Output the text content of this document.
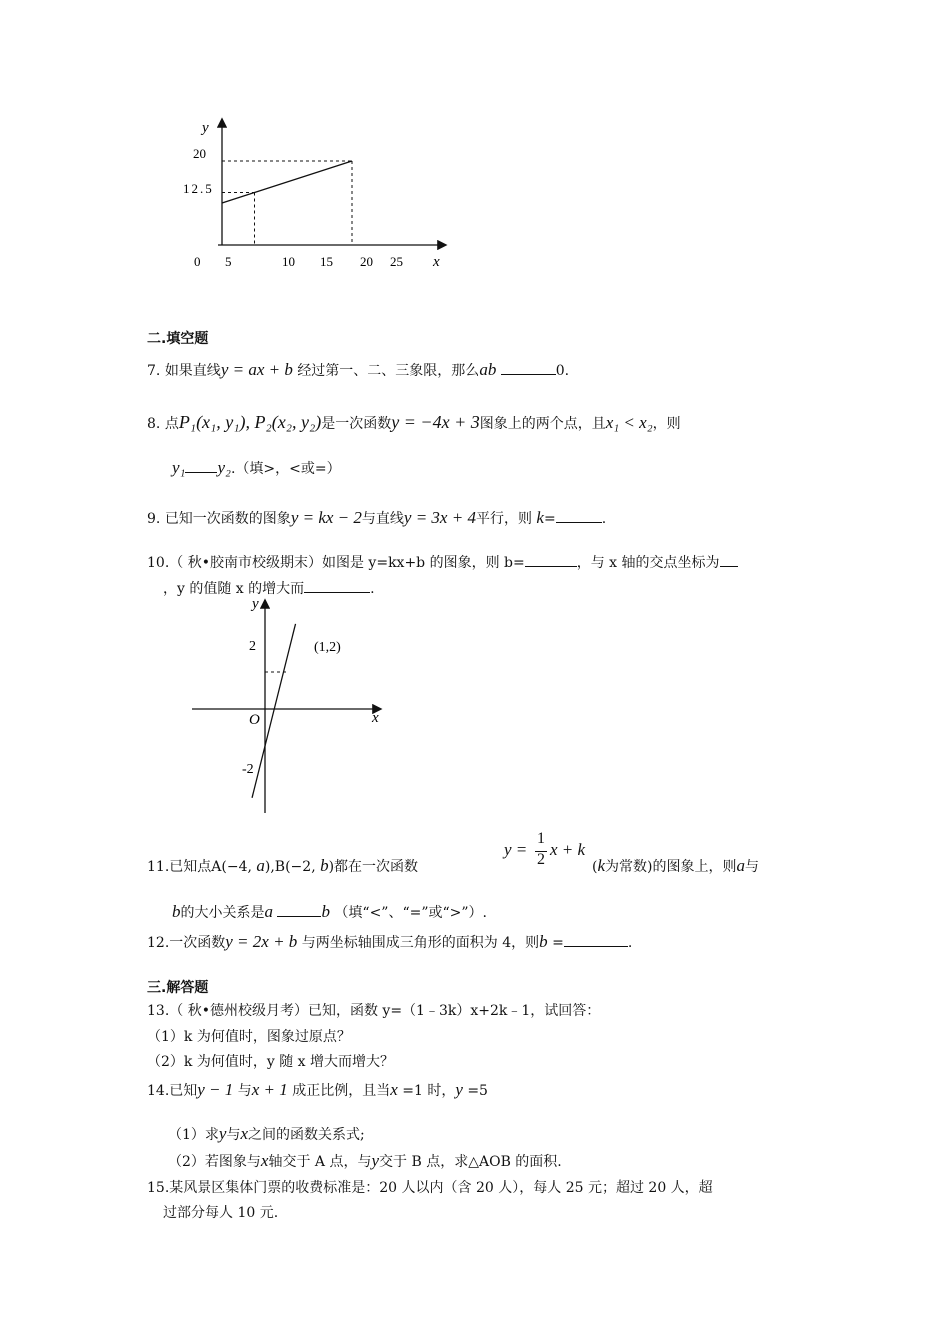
y
20
12.5
0 5	10 15 20 25 x
二.填空题
7. 如果直线y = ax + b 经过第一、二、三象限，那么ab	0.
8. 点P₁(x₁, y₁), P₂(x₂, y₂)是一次函数y = −4x + 3图象上的两个点，且x₁ < x₂，则
y₁ y₂.（填>，<或=）
9. 已知一次函数的图象y = kx − 2与直线y = 3x + 4平行，则 k=	.
10.（ 秋•胶南市校级期末）如图是 y=kx+b 的图象，则 b=	，与 x 轴的交点坐标为
，y 的值随 x 的增大而	.
y
x
O
2
-2
(1,2)
y =
1
2
x + k
11.已知点A(−4, a),B(−2, b)都在一次函数	(k为常数)的图象上，则a与
b的大小关系是a	b （填“<”、“=”或“>”）.
12.一次函数y = 2x + b 与两坐标轴围成三角形的面积为 4，则b =	.
三.解答题
13.（ 秋•德州校级月考）已知，函数 y=（1﹣3k）x+2k﹣1，试回答：
（1）k 为何值时，图象过原点？
（2）k 为何值时，y 随 x 增大而增大？
14.已知y − 1 与x + 1 成正比例，且当x =1 时，y =5
（1）求y与x之间的函数关系式;
（2）若图象与x轴交于 A 点，与y交于 B 点，求△AOB 的面积.
15.某风景区集体门票的收费标准是：20 人以内（含 20 人），每人 25 元；超过 20 人，超
过部分每人 10 元.
